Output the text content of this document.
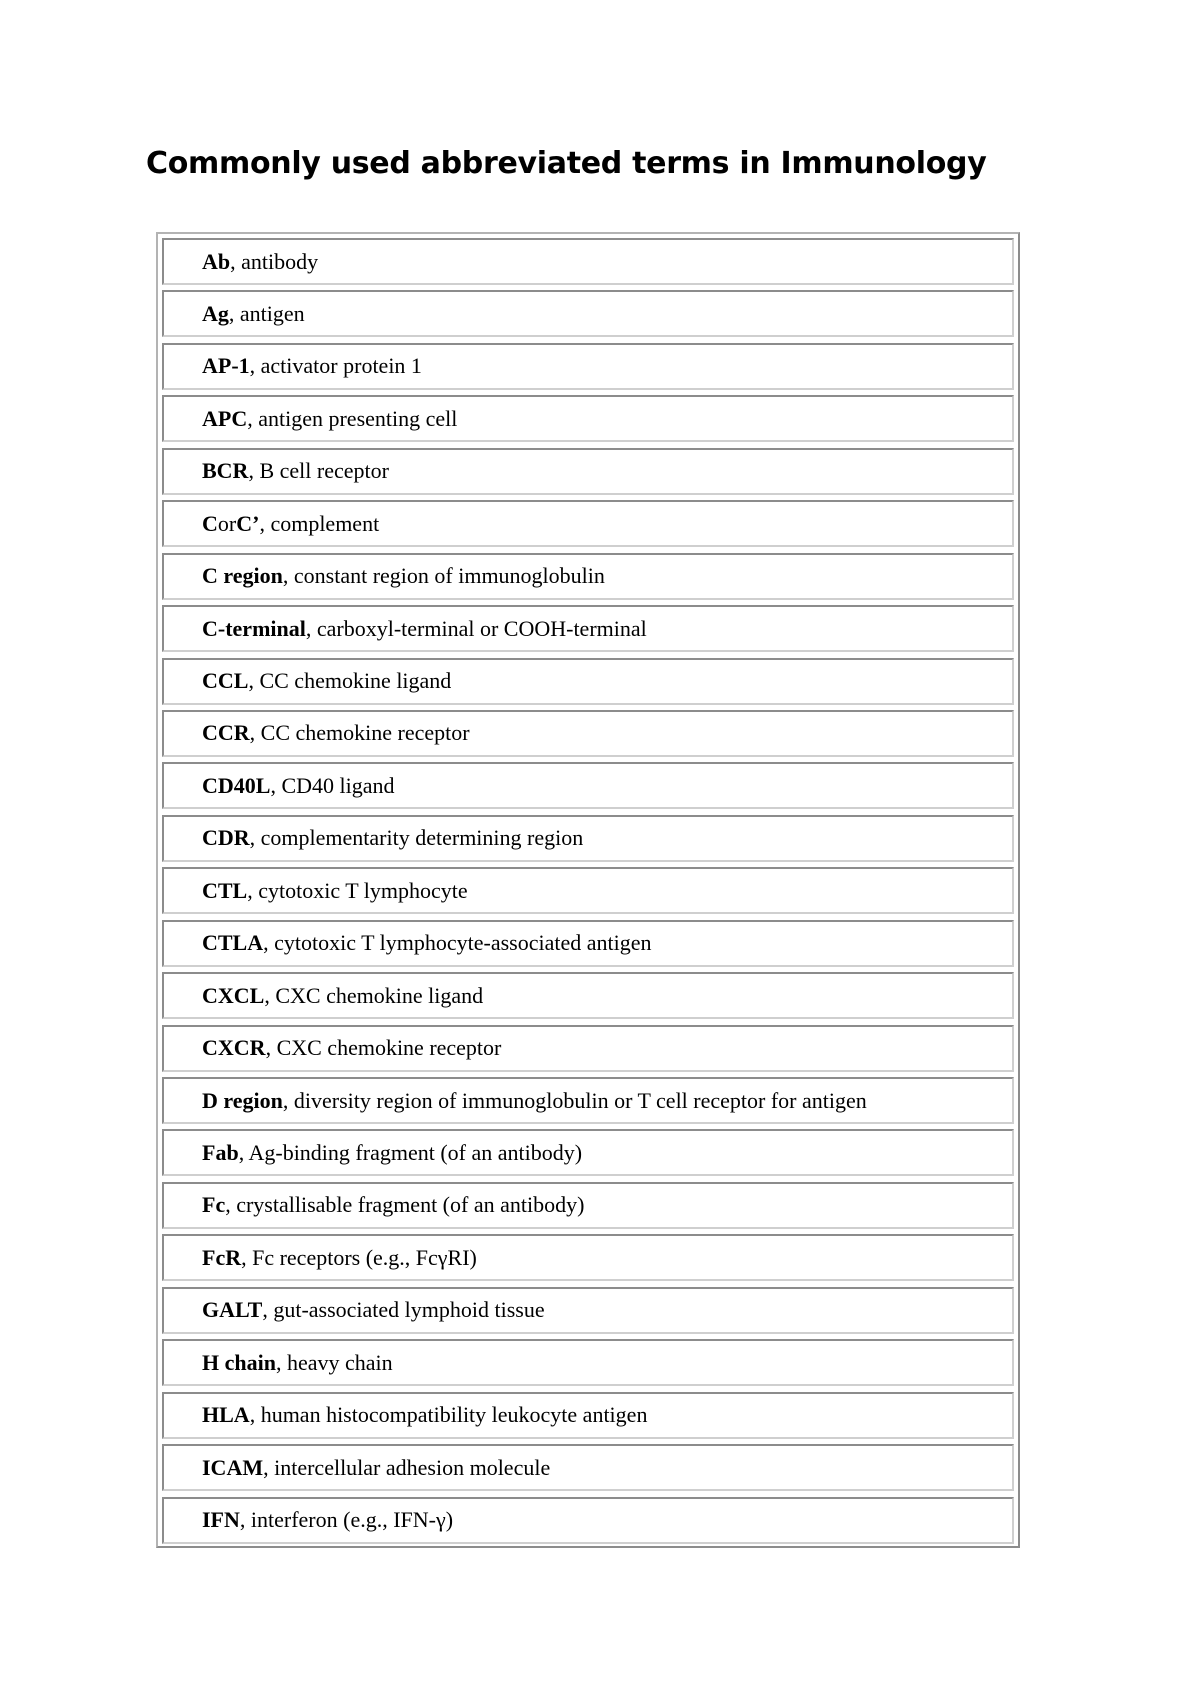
Commonly used abbreviated terms in Immunology
Ab , antibody
Ag , antigen
AP-1 , activator protein 1
APC , antigen presenting cell
BCR , B cell receptor
C or C’ , complement
C region , constant region of immunoglobulin
C-terminal , carboxyl-terminal or COOH-terminal
CCL , CC chemokine ligand
CCR , CC chemokine receptor
CD40L , CD40 ligand
CDR , complementarity determining region
CTL , cytotoxic T lymphocyte
CTLA , cytotoxic T lymphocyte-associated antigen
CXCL , CXC chemokine ligand
CXCR , CXC chemokine receptor
D region , diversity region of immunoglobulin or T cell receptor for antigen
Fab , Ag-binding fragment (of an antibody)
Fc , crystallisable fragment (of an antibody)
FcR , Fc receptors (e.g., FcγRI)
GALT , gut-associated lymphoid tissue
H chain , heavy chain
HLA , human histocompatibility leukocyte antigen
ICAM , intercellular adhesion molecule
IFN , interferon (e.g., IFN-γ)
